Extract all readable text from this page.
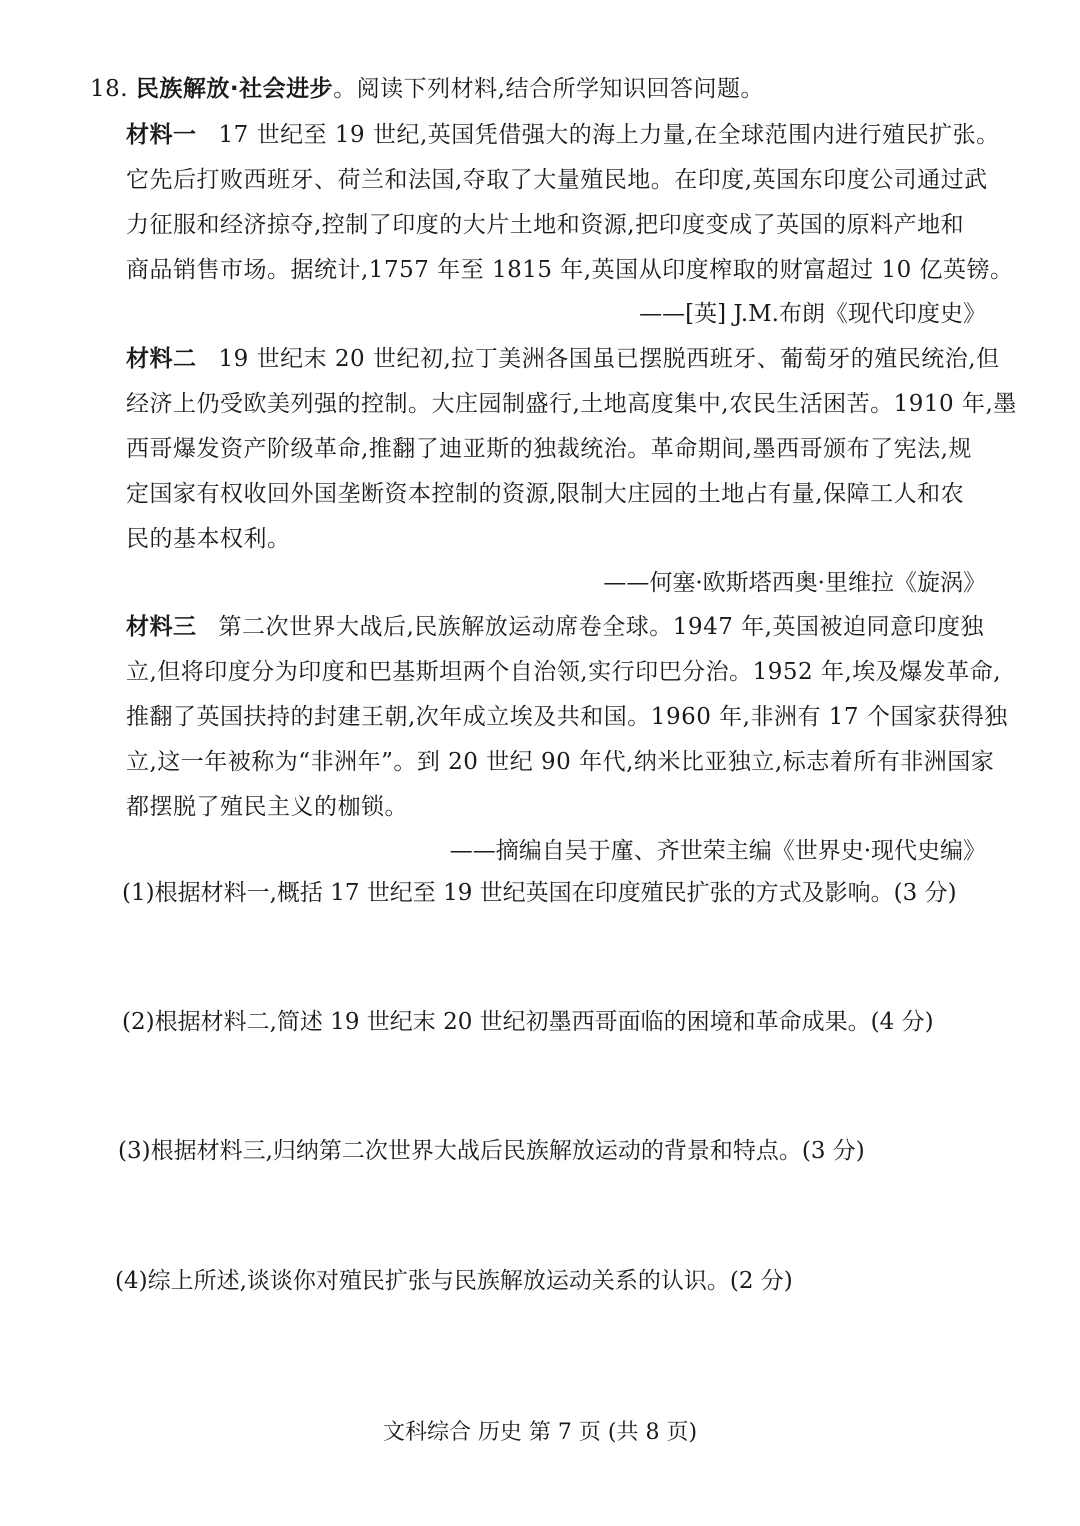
18. 民族解放·社会进步。阅读下列材料,结合所学知识回答问题。
材料一 17 世纪至 19 世纪,英国凭借强大的海上力量,在全球范围内进行殖民扩张。
它先后打败西班牙、荷兰和法国,夺取了大量殖民地。在印度,英国东印度公司通过武
力征服和经济掠夺,控制了印度的大片土地和资源,把印度变成了英国的原料产地和
商品销售市场。据统计,1757 年至 1815 年,英国从印度榨取的财富超过 10 亿英镑。
——[英] J.M.布朗《现代印度史》
材料二 19 世纪末 20 世纪初,拉丁美洲各国虽已摆脱西班牙、葡萄牙的殖民统治,但
经济上仍受欧美列强的控制。大庄园制盛行,土地高度集中,农民生活困苦。1910 年,墨
西哥爆发资产阶级革命,推翻了迪亚斯的独裁统治。革命期间,墨西哥颁布了宪法,规
定国家有权收回外国垄断资本控制的资源,限制大庄园的土地占有量,保障工人和农
民的基本权利。
——何塞·欧斯塔西奥·里维拉《旋涡》
材料三 第二次世界大战后,民族解放运动席卷全球。1947 年,英国被迫同意印度独
立,但将印度分为印度和巴基斯坦两个自治领,实行印巴分治。1952 年,埃及爆发革命,
推翻了英国扶持的封建王朝,次年成立埃及共和国。1960 年,非洲有 17 个国家获得独
立,这一年被称为“非洲年”。到 20 世纪 90 年代,纳米比亚独立,标志着所有非洲国家
都摆脱了殖民主义的枷锁。
——摘编自吴于廑、齐世荣主编《世界史·现代史编》
(1)根据材料一,概括 17 世纪至 19 世纪英国在印度殖民扩张的方式及影响。(3 分)
(2)根据材料二,简述 19 世纪末 20 世纪初墨西哥面临的困境和革命成果。(4 分)
(3)根据材料三,归纳第二次世界大战后民族解放运动的背景和特点。(3 分)
(4)综上所述,谈谈你对殖民扩张与民族解放运动关系的认识。(2 分)
文科综合 历史 第 7 页 (共 8 页)
